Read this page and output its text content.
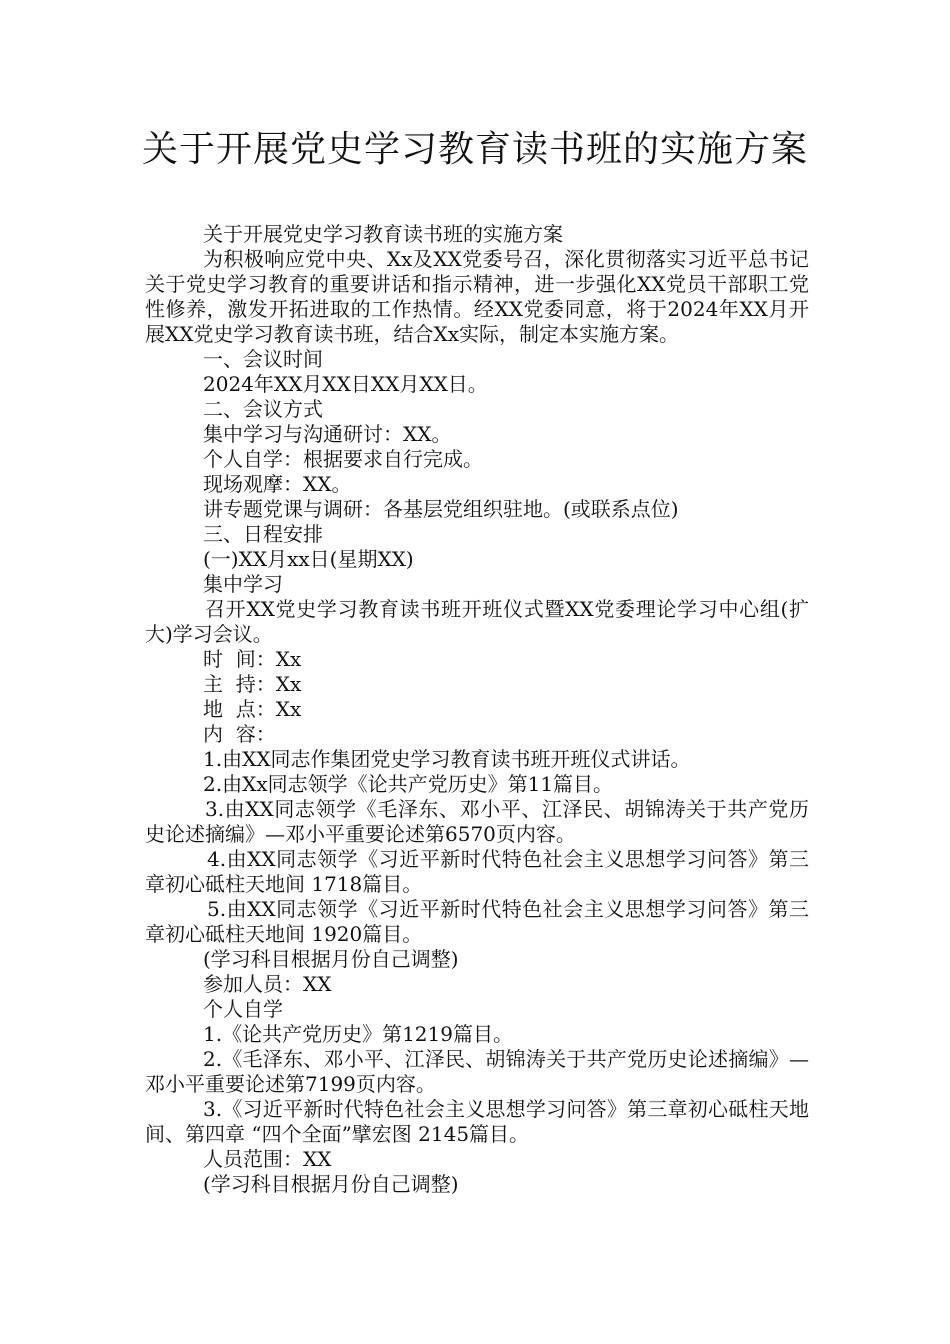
关于开展党史学习教育读书班的实施方案

关于开展党史学习教育读书班的实施方案

为积极响应党中央、Xx及XX党委号召，深化贯彻落实习近平总书记关于党史学习教育的重要讲话和指示精神，进一步强化XX党员干部职工党性修养，激发开拓进取的工作热情。经XX党委同意，将于2024年XX月开展XX党史学习教育读书班，结合Xx实际，制定本实施方案。

一、会议时间

2024年XX月XX日XX月XX日。

二、会议方式

集中学习与沟通研讨：XX。

个人自学：根据要求自行完成。

现场观摩：XX。

讲专题党课与调研：各基层党组织驻地。(或联系点位)

三、日程安排

(一)XX月xx日(星期XX)

集中学习

召开XX党史学习教育读书班开班仪式暨XX党委理论学习中心组(扩大)学习会议。

时  间：Xx

主  持：Xx

地  点：Xx

内  容：

1.由XX同志作集团党史学习教育读书班开班仪式讲话。

2.由Xx同志领学《论共产党历史》第11篇目。

3.由XX同志领学《毛泽东、邓小平、江泽民、胡锦涛关于共产党历史论述摘编》—邓小平重要论述第6570页内容。

4.由XX同志领学《习近平新时代特色社会主义思想学习问答》第三章初心砥柱天地间 1718篇目。

5.由XX同志领学《习近平新时代特色社会主义思想学习问答》第三章初心砥柱天地间 1920篇目。

(学习科目根据月份自己调整)

参加人员：XX

个人自学

1.《论共产党历史》第1219篇目。

2.《毛泽东、邓小平、江泽民、胡锦涛关于共产党历史论述摘编》—邓小平重要论述第7199页内容。

3.《习近平新时代特色社会主义思想学习问答》第三章初心砥柱天地间、第四章 “四个全面”擘宏图 2145篇目。

人员范围：XX

(学习科目根据月份自己调整)
